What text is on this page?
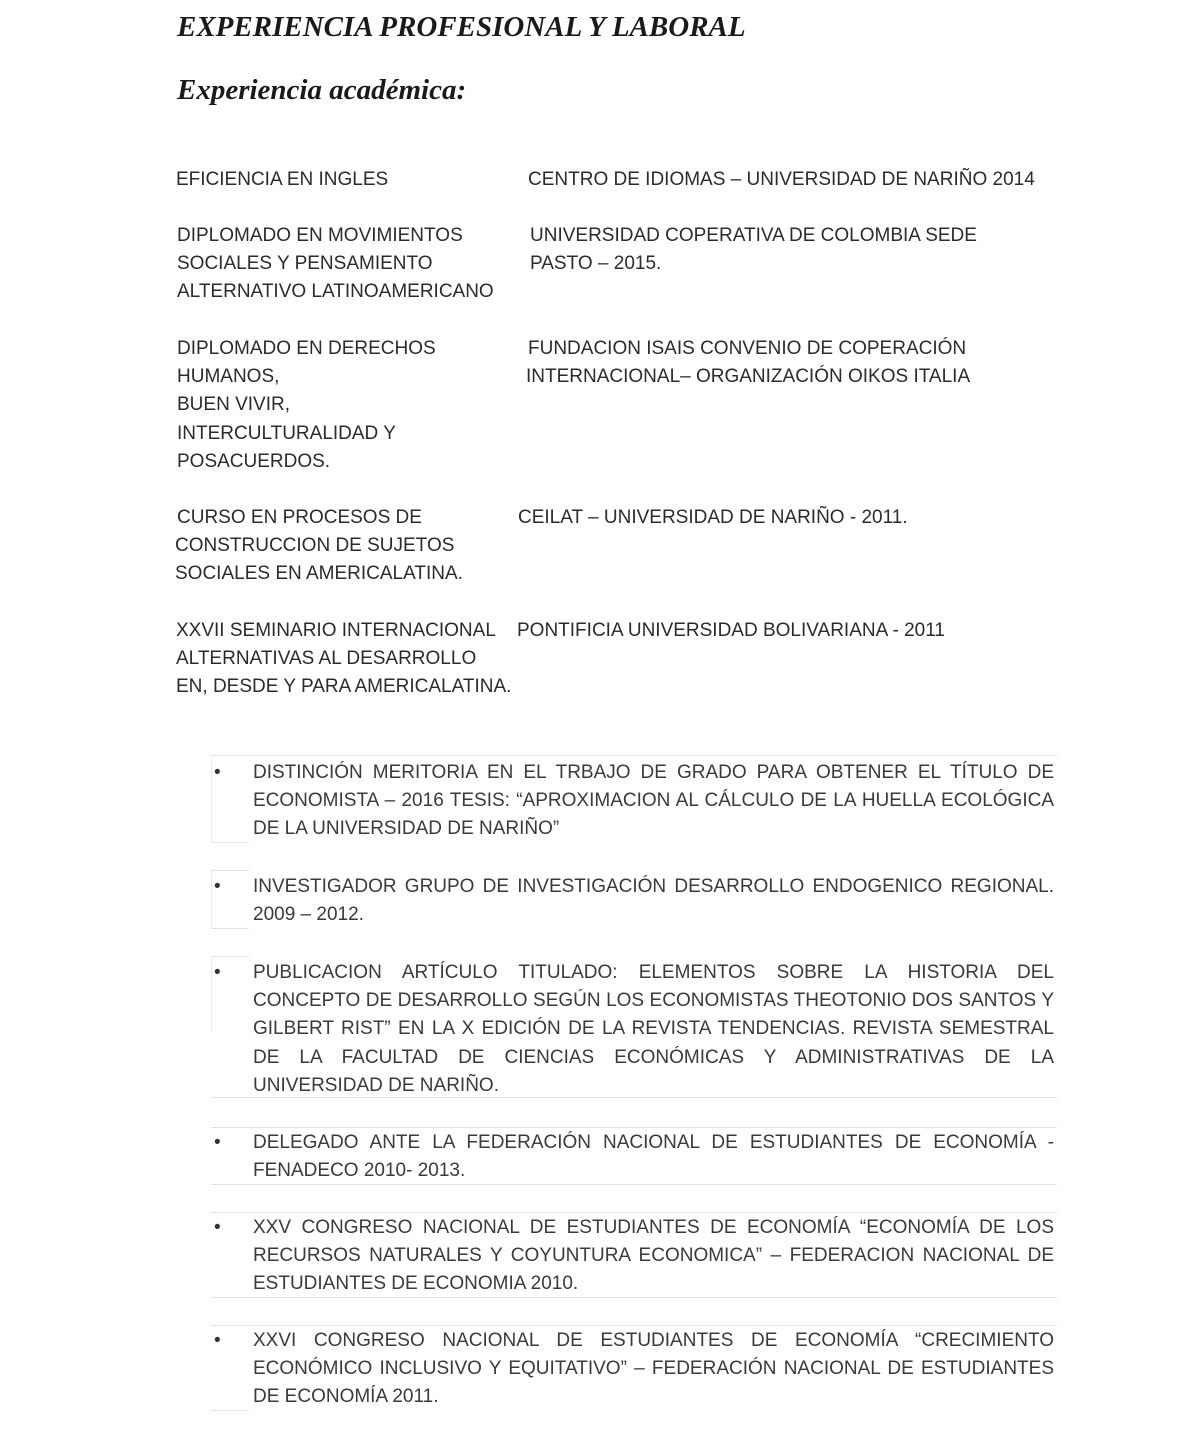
EXPERIENCIA PROFESIONAL Y LABORAL
Experiencia académica:
EFICIENCIA EN INGLES	CENTRO DE IDIOMAS – UNIVERSIDAD DE NARIÑO 2014
DIPLOMADO EN MOVIMIENTOS
SOCIALES Y PENSAMIENTO
ALTERNATIVO LATINOAMERICANO
UNIVERSIDAD COPERATIVA DE COLOMBIA SEDE
PASTO – 2015.
DIPLOMADO EN DERECHOS
HUMANOS,
BUEN VIVIR,
INTERCULTURALIDAD Y
POSACUERDOS.
FUNDACION ISAIS CONVENIO DE COPERACIÓN
INTERNACIONAL– ORGANIZACIÓN OIKOS ITALIA
CURSO EN PROCESOS DE
CONSTRUCCION DE SUJETOS
SOCIALES EN AMERICALATINA.
CEILAT – UNIVERSIDAD DE NARIÑO - 2011.
XXVII SEMINARIO INTERNACIONAL
ALTERNATIVAS AL DESARROLLO
EN, DESDE Y PARA AMERICALATINA.
PONTIFICIA UNIVERSIDAD BOLIVARIANA - 2011
• DISTINCIÓN MERITORIA EN EL TRBAJO DE GRADO PARA OBTENER EL TÍTULO DE ECONOMISTA – 2016 TESIS: “APROXIMACION AL CÁLCULO DE LA HUELLA ECOLÓGICA DE LA UNIVERSIDAD DE NARIÑO”
• INVESTIGADOR GRUPO DE INVESTIGACIÓN DESARROLLO ENDOGENICO REGIONAL. 2009 – 2012.
• PUBLICACION ARTÍCULO TITULADO: ELEMENTOS SOBRE LA HISTORIA DEL CONCEPTO DE DESARROLLO SEGÚN LOS ECONOMISTAS THEOTONIO DOS SANTOS Y GILBERT RIST” EN LA X EDICIÓN DE LA REVISTA TENDENCIAS. REVISTA SEMESTRAL DE LA FACULTAD DE CIENCIAS ECONÓMICAS Y ADMINISTRATIVAS DE LA UNIVERSIDAD DE NARIÑO.
• DELEGADO ANTE LA FEDERACIÓN NACIONAL DE ESTUDIANTES DE ECONOMÍA - FENADECO 2010- 2013.
• XXV CONGRESO NACIONAL DE ESTUDIANTES DE ECONOMÍA “ECONOMÍA DE LOS RECURSOS NATURALES Y COYUNTURA ECONOMICA” – FEDERACION NACIONAL DE ESTUDIANTES DE ECONOMIA 2010.
• XXVI CONGRESO NACIONAL DE ESTUDIANTES DE ECONOMÍA “CRECIMIENTO ECONÓMICO INCLUSIVO Y EQUITATIVO” – FEDERACIÓN NACIONAL DE ESTUDIANTES DE ECONOMÍA 2011.
